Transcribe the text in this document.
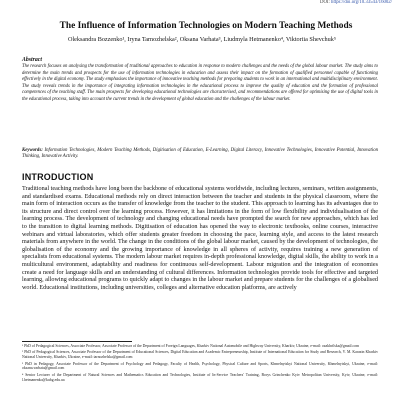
DOI: https://doi.org/10.33543/16002/
The Influence of Information Technologies on Modern Teaching Methods
Oleksandra Bozzenko¹, Iryna Tarnozhelska², Oksana Varhata³, Liudmyla Hetmanenko⁴, Viktoriia Shevchuk⁵
Abstract
The research focuses on analysing the transformation of traditional approaches to education in response to modern challenges and the needs of the global labour market. The study aims to determine the main trends and prospects for the use of information technologies in education and assess their impact on the formation of qualified personnel capable of functioning effectively in the digital economy. The study emphasises the importance of innovative teaching methods for preparing students to work in an international and multidisciplinary environment. The study reveals trends in the importance of integrating information technologies in the educational process to improve the quality of education and the formation of professional competences of the teaching staff. The main prospects for developing educational technologies are characterised, and recommendations are offered for optimising the use of digital tools in the educational process, taking into account the current trends in the development of global education and the challenges of the labour market.
Keywords: Information Technologies, Modern Teaching Methods, Digitisation of Education, E-Learning, Digital Literacy, Innovative Technologies, Innovative Potential, Innovation Thinking, Innovative Activity.
INTRODUCTION
Traditional teaching methods have long been the backbone of educational systems worldwide, including lectures, seminars, written assignments, and standardised exams. Educational methods rely on direct interaction between the teacher and students in the physical classroom, where the main form of interaction occurs as the transfer of knowledge from the teacher to the student. This approach to learning has its advantages due to its structure and direct control over the learning process. However, it has limitations in the form of low flexibility and individualisation of the learning process. The development of technology and changing educational needs have prompted the search for new approaches, which has led to the transition to digital learning methods. Digitisation of education has opened the way to electronic textbooks, online courses, interactive webinars and virtual laboratories, which offer students greater freedom in choosing the pace, learning style, and access to the latest research materials from anywhere in the world. The change in the conditions of the global labour market, caused by the development of technologies, the globalisation of the economy and the growing importance of knowledge in all spheres of activity, requires training a new generation of specialists from educational systems. The modern labour market requires in-depth professional knowledge, digital skills, the ability to work in a multicultural environment, adaptability and readiness for continuous self-development. Labour migration and the integration of economies create a need for language skills and an understanding of cultural differences. Information technologies provide tools for effective and targeted learning, allowing educational programs to quickly adapt to changes in the labour market and prepare students for the challenges of a globalised world. Educational institutions, including universities, colleges and alternative education platforms, are actively

¹ PhD of Pedagogical Sciences, Associate Professor, Associate Professor of the Department of Foreign Languages, Kharkiv National Automobile and Highway University, Kharkiv, Ukraine, e-mail: ozakhrilska@gmail.com

² PhD of Pedagogical Sciences, Associate Professor of the Department of Educational Sciences, Digital Education and Academic Entrepreneurship, Institute of International Education for Study and Research, V. M. Karazin Kharkiv National University, Kharkiv, Ukraine, e-mail: tarnozhelska@gmail.com

³ PhD in Pedagogy, Associate Professor of the Department of Psychology and Pedagogy, Faculty of Health, Psychology, Physical Culture and Sports, Khmelnytskyi National University, Khmelnytskyi, Ukraine, e-mail: oksana.varhata@gmail.com

⁴ Senior Lecturer of the Department of Natural Sciences and Mathematics Education and Technologies, Institute of In-Service Teachers' Training, Borys Grinchenko Kyiv Metropolitan University, Kyiv, Ukraine, e-mail: l.hetmanenko@kubg.edu.ua
